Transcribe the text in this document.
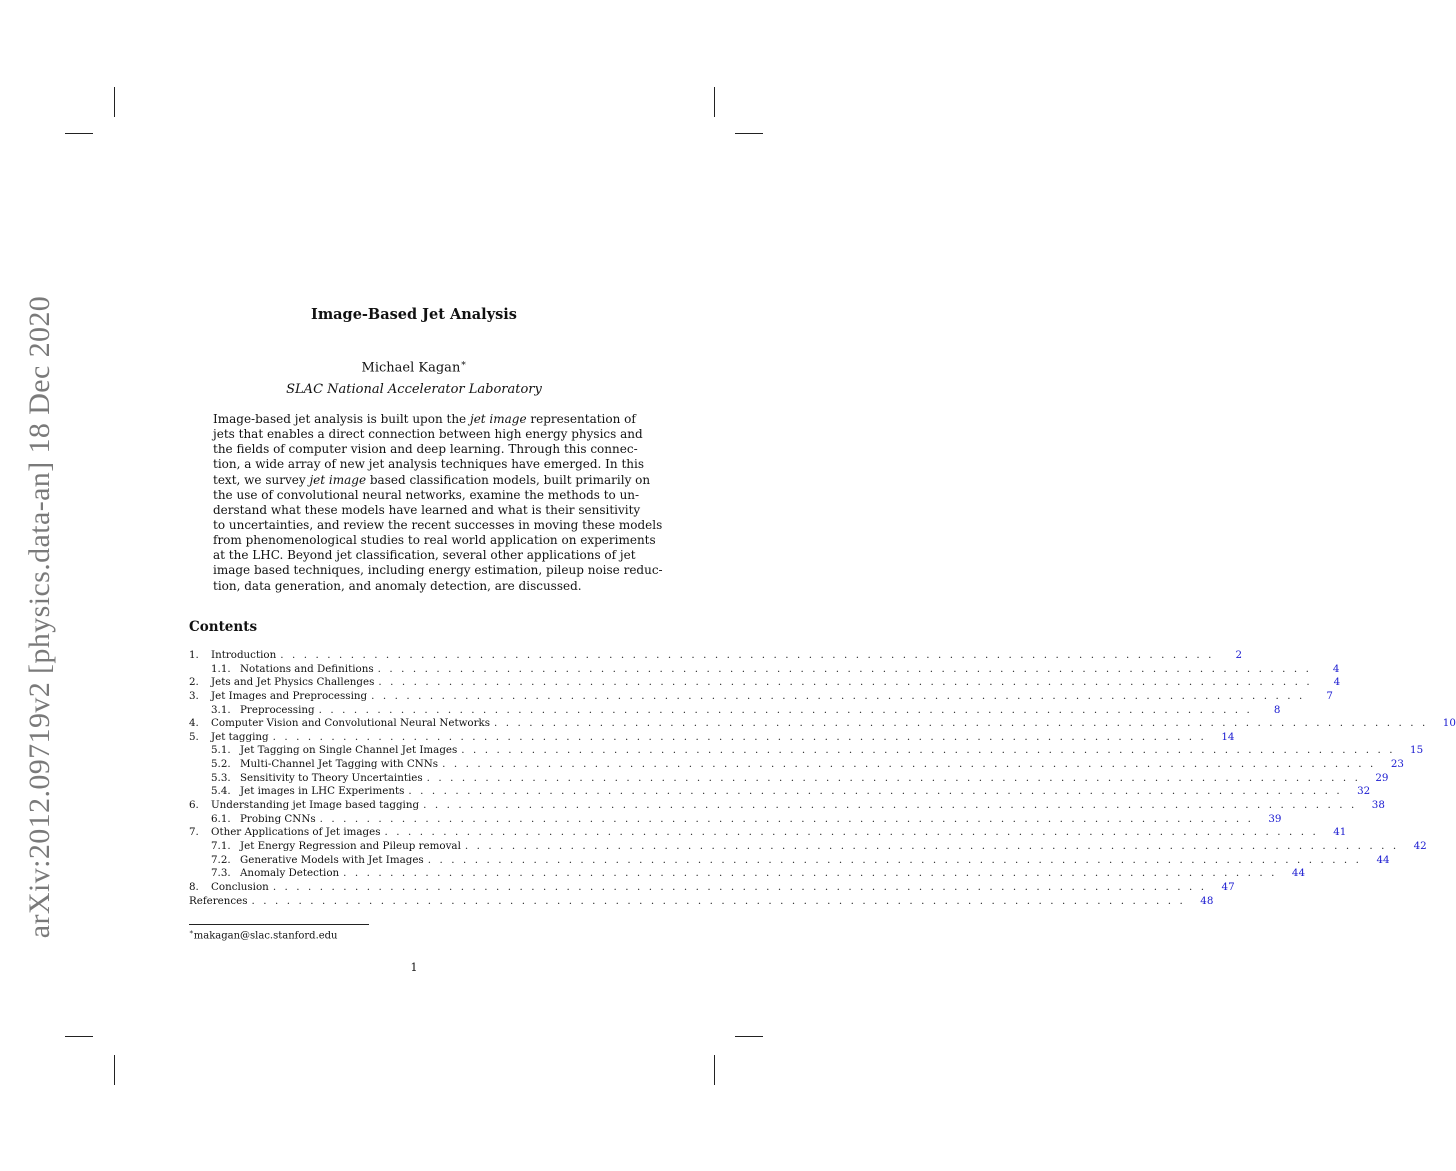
arXiv:2012.09719v2 [physics.data-an] 18 Dec 2020	Image-Based Jet Analysis
Michael Kagan∗
SLAC National Accelerator Laboratory
Image-based jet analysis is built upon the jet image representation of
jets that enables a direct connection between high energy physics and
the fields of computer vision and deep learning. Through this connec-
tion, a wide array of new jet analysis techniques have emerged. In this
text, we survey jet image based classification models, built primarily on
the use of convolutional neural networks, examine the methods to un-
derstand what these models have learned and what is their sensitivity
to uncertainties, and review the recent successes in moving these models
from phenomenological studies to real world application on experiments
at the LHC. Beyond jet classification, several other applications of jet
image based techniques, including energy estimation, pileup noise reduc-
tion, data generation, and anomaly detection, are discussed.
Contents
1.	Introduction . . . . . . . . . . . . . . . . . . . . . . . . . . . . . . . . . . . . . . . . . . . . . . . . . . . . . . . . . . . . . . . . . . . . . . . . . . . . . . . .	2
1.1. Notations and Definitions . . . . . . . . . . . . . . . . . . . . . . . . . . . . . . . . . . . . . . . . . . . . . . . . . . . . . . . . . . . . . . . . . . . . . . . . . . . . . . . .	4
2.	Jets and Jet Physics Challenges . . . . . . . . . . . . . . . . . . . . . . . . . . . . . . . . . . . . . . . . . . . . . . . . . . . . . . . . . . . . . . . . . . . . . . . . . . . . . . . .	4
3.	Jet Images and Preprocessing . . . . . . . . . . . . . . . . . . . . . . . . . . . . . . . . . . . . . . . . . . . . . . . . . . . . . . . . . . . . . . . . . . . . . . . . . . . . . . . .	7
3.1. Preprocessing . . . . . . . . . . . . . . . . . . . . . . . . . . . . . . . . . . . . . . . . . . . . . . . . . . . . . . . . . . . . . . . . . . . . . . . . . . . . . . . .	8
4.	Computer Vision and Convolutional Neural Networks . . . . . . . . . . . . . . . . . . . . . . . . . . . . . . . . . . . . . . . . . . . . . . . . . . . . . . . . . . . . . . . . . . . . . . . . . . . . . . . .	10
5.	Jet tagging . . . . . . . . . . . . . . . . . . . . . . . . . . . . . . . . . . . . . . . . . . . . . . . . . . . . . . . . . . . . . . . . . . . . . . . . . . . . . . . .	14
5.1. Jet Tagging on Single Channel Jet Images . . . . . . . . . . . . . . . . . . . . . . . . . . . . . . . . . . . . . . . . . . . . . . . . . . . . . . . . . . . . . . . . . . . . . . . . . . . . . . . .	15
5.2. Multi-Channel Jet Tagging with CNNs . . . . . . . . . . . . . . . . . . . . . . . . . . . . . . . . . . . . . . . . . . . . . . . . . . . . . . . . . . . . . . . . . . . . . . . . . . . . . . . .	23
5.3. Sensitivity to Theory Uncertainties . . . . . . . . . . . . . . . . . . . . . . . . . . . . . . . . . . . . . . . . . . . . . . . . . . . . . . . . . . . . . . . . . . . . . . . . . . . . . . . .	29
5.4. Jet images in LHC Experiments . . . . . . . . . . . . . . . . . . . . . . . . . . . . . . . . . . . . . . . . . . . . . . . . . . . . . . . . . . . . . . . . . . . . . . . . . . . . . . . .	32
6.	Understanding jet Image based tagging . . . . . . . . . . . . . . . . . . . . . . . . . . . . . . . . . . . . . . . . . . . . . . . . . . . . . . . . . . . . . . . . . . . . . . . . . . . . . . . .	38
6.1. Probing CNNs . . . . . . . . . . . . . . . . . . . . . . . . . . . . . . . . . . . . . . . . . . . . . . . . . . . . . . . . . . . . . . . . . . . . . . . . . . . . . . . .	39
7.	Other Applications of Jet images . . . . . . . . . . . . . . . . . . . . . . . . . . . . . . . . . . . . . . . . . . . . . . . . . . . . . . . . . . . . . . . . . . . . . . . . . . . . . . . .	41
7.1. Jet Energy Regression and Pileup removal . . . . . . . . . . . . . . . . . . . . . . . . . . . . . . . . . . . . . . . . . . . . . . . . . . . . . . . . . . . . . . . . . . . . . . . . . . . . . . . .	42
7.2. Generative Models with Jet Images . . . . . . . . . . . . . . . . . . . . . . . . . . . . . . . . . . . . . . . . . . . . . . . . . . . . . . . . . . . . . . . . . . . . . . . . . . . . . . . .	44
7.3. Anomaly Detection . . . . . . . . . . . . . . . . . . . . . . . . . . . . . . . . . . . . . . . . . . . . . . . . . . . . . . . . . . . . . . . . . . . . . . . . . . . . . . . .	44
8.	Conclusion . . . . . . . . . . . . . . . . . . . . . . . . . . . . . . . . . . . . . . . . . . . . . . . . . . . . . . . . . . . . . . . . . . . . . . . . . . . . . . . .	47
References . . . . . . . . . . . . . . . . . . . . . . . . . . . . . . . . . . . . . . . . . . . . . . . . . . . . . . . . . . . . . . . . . . . . . . . . . . . . . . . .	48
∗makagan@slac.stanford.edu
1
